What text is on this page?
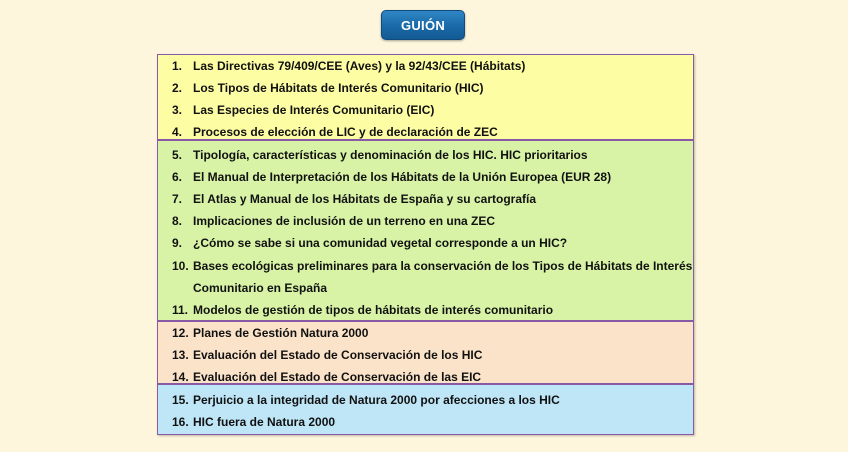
GUIÓN
1. Las Directivas 79/409/CEE (Aves) y la 92/43/CEE (Hábitats)
2. Los Tipos de Hábitats de Interés Comunitario (HIC)
3. Las Especies de Interés Comunitario (EIC)
4. Procesos de elección de LIC y de declaración de ZEC
5. Tipología, características y denominación de los HIC. HIC prioritarios
6. El Manual de Interpretación de los Hábitats de la Unión Europea (EUR 28)
7. El Atlas y Manual de los Hábitats de España y su cartografía
8. Implicaciones de inclusión de un terreno en una ZEC
9. ¿Cómo se sabe si una comunidad vegetal corresponde a un HIC?
10. Bases ecológicas preliminares para la conservación de los Tipos de Hábitats de Interés
Comunitario en España
11. Modelos de gestión de tipos de hábitats de interés comunitario
12. Planes de Gestión Natura 2000
13. Evaluación del Estado de Conservación de los HIC
14. Evaluación del Estado de Conservación de las EIC
15. Perjuicio a la integridad de Natura 2000 por afecciones a los HIC
16. HIC fuera de Natura 2000
